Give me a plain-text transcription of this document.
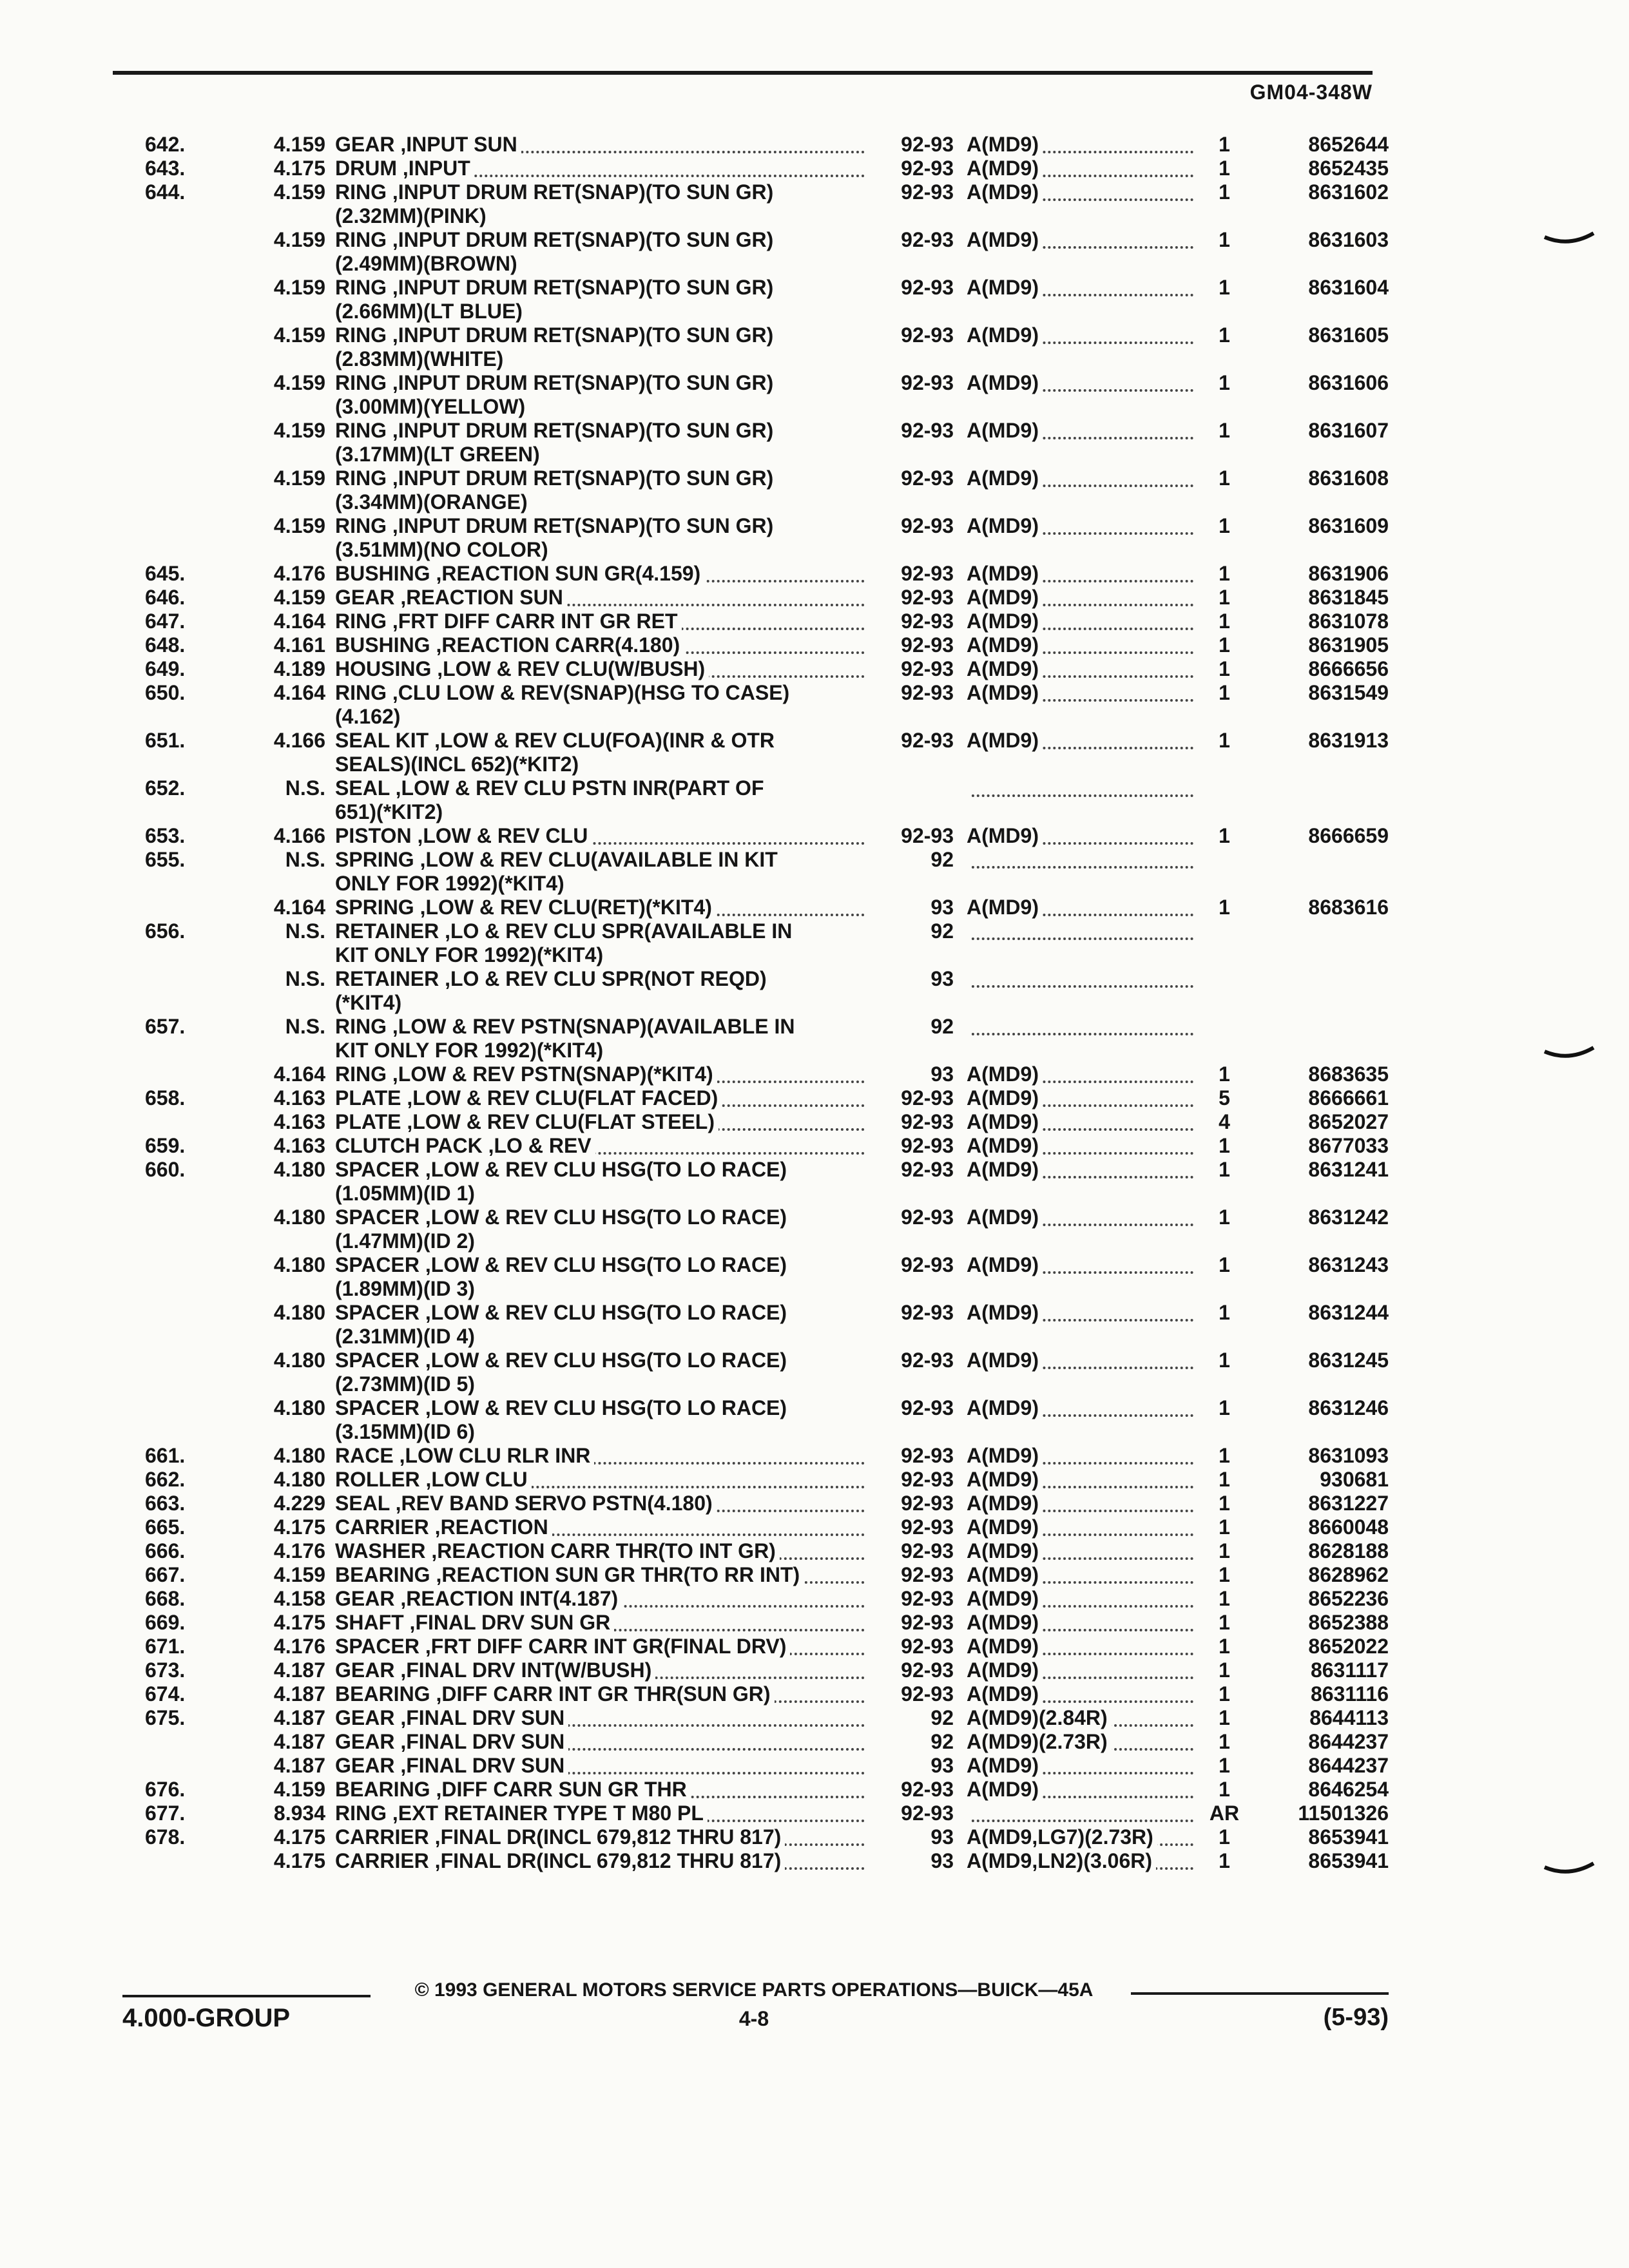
GM04-348W
642.	4.159 GEAR ,INPUT SUN	92-93 A(MD9)	1	8652644
643.	4.175 DRUM ,INPUT	92-93 A(MD9)	1	8652435
644.	4.159 RING ,INPUT DRUM RET(SNAP)(TO SUN GR)	92-93 A(MD9)	1	8631602
(2.32MM)(PINK)
4.159 RING ,INPUT DRUM RET(SNAP)(TO SUN GR)	92-93 A(MD9)	1	8631603
(2.49MM)(BROWN)
4.159 RING ,INPUT DRUM RET(SNAP)(TO SUN GR)	92-93 A(MD9)	1	8631604
(2.66MM)(LT BLUE)
4.159 RING ,INPUT DRUM RET(SNAP)(TO SUN GR)	92-93 A(MD9)	1	8631605
(2.83MM)(WHITE)
4.159 RING ,INPUT DRUM RET(SNAP)(TO SUN GR)	92-93 A(MD9)	1	8631606
(3.00MM)(YELLOW)
4.159 RING ,INPUT DRUM RET(SNAP)(TO SUN GR)	92-93 A(MD9)	1	8631607
(3.17MM)(LT GREEN)
4.159 RING ,INPUT DRUM RET(SNAP)(TO SUN GR)	92-93 A(MD9)	1	8631608
(3.34MM)(ORANGE)
4.159 RING ,INPUT DRUM RET(SNAP)(TO SUN GR)	92-93 A(MD9)	1	8631609
(3.51MM)(NO COLOR)
645.	4.176 BUSHING ,REACTION SUN GR(4.159)	92-93 A(MD9)	1	8631906
646.	4.159 GEAR ,REACTION SUN	92-93 A(MD9)	1	8631845
647.	4.164 RING ,FRT DIFF CARR INT GR RET	92-93 A(MD9)	1	8631078
648.	4.161 BUSHING ,REACTION CARR(4.180)	92-93 A(MD9)	1	8631905
649.	4.189 HOUSING ,LOW & REV CLU(W/BUSH)	92-93 A(MD9)	1	8666656
650.	4.164 RING ,CLU LOW & REV(SNAP)(HSG TO CASE)	92-93 A(MD9)	1	8631549
(4.162)
651.	4.166 SEAL KIT ,LOW & REV CLU(FOA)(INR & OTR	92-93 A(MD9)	1	8631913
SEALS)(INCL 652)(*KIT2)
652.	N.S. SEAL ,LOW & REV CLU PSTN INR(PART OF
651)(*KIT2)
653.	4.166 PISTON ,LOW & REV CLU	92-93 A(MD9)	1	8666659
655.	N.S. SPRING ,LOW & REV CLU(AVAILABLE IN KIT	92
ONLY FOR 1992)(*KIT4)
4.164 SPRING ,LOW & REV CLU(RET)(*KIT4)	93 A(MD9)	1	8683616
656.	N.S. RETAINER ,LO & REV CLU SPR(AVAILABLE IN	92
KIT ONLY FOR 1992)(*KIT4)
N.S. RETAINER ,LO & REV CLU SPR(NOT REQD)	93
(*KIT4)
657.	N.S. RING ,LOW & REV PSTN(SNAP)(AVAILABLE IN	92
KIT ONLY FOR 1992)(*KIT4)
4.164 RING ,LOW & REV PSTN(SNAP)(*KIT4)	93 A(MD9)	1	8683635
658.	4.163 PLATE ,LOW & REV CLU(FLAT FACED)	92-93 A(MD9)	5	8666661
4.163 PLATE ,LOW & REV CLU(FLAT STEEL)	92-93 A(MD9)	4	8652027
659.	4.163 CLUTCH PACK ,LO & REV	92-93 A(MD9)	1	8677033
660.	4.180 SPACER ,LOW & REV CLU HSG(TO LO RACE)	92-93 A(MD9)	1	8631241
(1.05MM)(ID 1)
4.180 SPACER ,LOW & REV CLU HSG(TO LO RACE)	92-93 A(MD9)	1	8631242
(1.47MM)(ID 2)
4.180 SPACER ,LOW & REV CLU HSG(TO LO RACE)	92-93 A(MD9)	1	8631243
(1.89MM)(ID 3)
4.180 SPACER ,LOW & REV CLU HSG(TO LO RACE)	92-93 A(MD9)	1	8631244
(2.31MM)(ID 4)
4.180 SPACER ,LOW & REV CLU HSG(TO LO RACE)	92-93 A(MD9)	1	8631245
(2.73MM)(ID 5)
4.180 SPACER ,LOW & REV CLU HSG(TO LO RACE)	92-93 A(MD9)	1	8631246
(3.15MM)(ID 6)
661.	4.180 RACE ,LOW CLU RLR INR	92-93 A(MD9)	1	8631093
662.	4.180 ROLLER ,LOW CLU	92-93 A(MD9)	1	930681
663.	4.229 SEAL ,REV BAND SERVO PSTN(4.180)	92-93 A(MD9)	1	8631227
665.	4.175 CARRIER ,REACTION	92-93 A(MD9)	1	8660048
666.	4.176 WASHER ,REACTION CARR THR(TO INT GR)	92-93 A(MD9)	1	8628188
667.	4.159 BEARING ,REACTION SUN GR THR(TO RR INT)	92-93 A(MD9)	1	8628962
668.	4.158 GEAR ,REACTION INT(4.187)	92-93 A(MD9)	1	8652236
669.	4.175 SHAFT ,FINAL DRV SUN GR	92-93 A(MD9)	1	8652388
671.	4.176 SPACER ,FRT DIFF CARR INT GR(FINAL DRV)	92-93 A(MD9)	1	8652022
673.	4.187 GEAR ,FINAL DRV INT(W/BUSH)	92-93 A(MD9)	1	8631117
674.	4.187 BEARING ,DIFF CARR INT GR THR(SUN GR)	92-93 A(MD9)	1	8631116
675.	4.187 GEAR ,FINAL DRV SUN	92 A(MD9)(2.84R)	1	8644113
4.187 GEAR ,FINAL DRV SUN	92 A(MD9)(2.73R)	1	8644237
4.187 GEAR ,FINAL DRV SUN	93 A(MD9)	1	8644237
676.	4.159 BEARING ,DIFF CARR SUN GR THR	92-93 A(MD9)	1	8646254
677.	8.934 RING ,EXT RETAINER TYPE T M80 PL	92-93	AR	11501326
678.	4.175 CARRIER ,FINAL DR(INCL 679,812 THRU 817)	93 A(MD9,LG7)(2.73R)	1	8653941
4.175 CARRIER ,FINAL DR(INCL 679,812 THRU 817)	93 A(MD9,LN2)(3.06R)	1	8653941
© 1993 GENERAL MOTORS SERVICE PARTS OPERATIONS—BUICK—45A
4.000-GROUP	4-8	(5-93)
